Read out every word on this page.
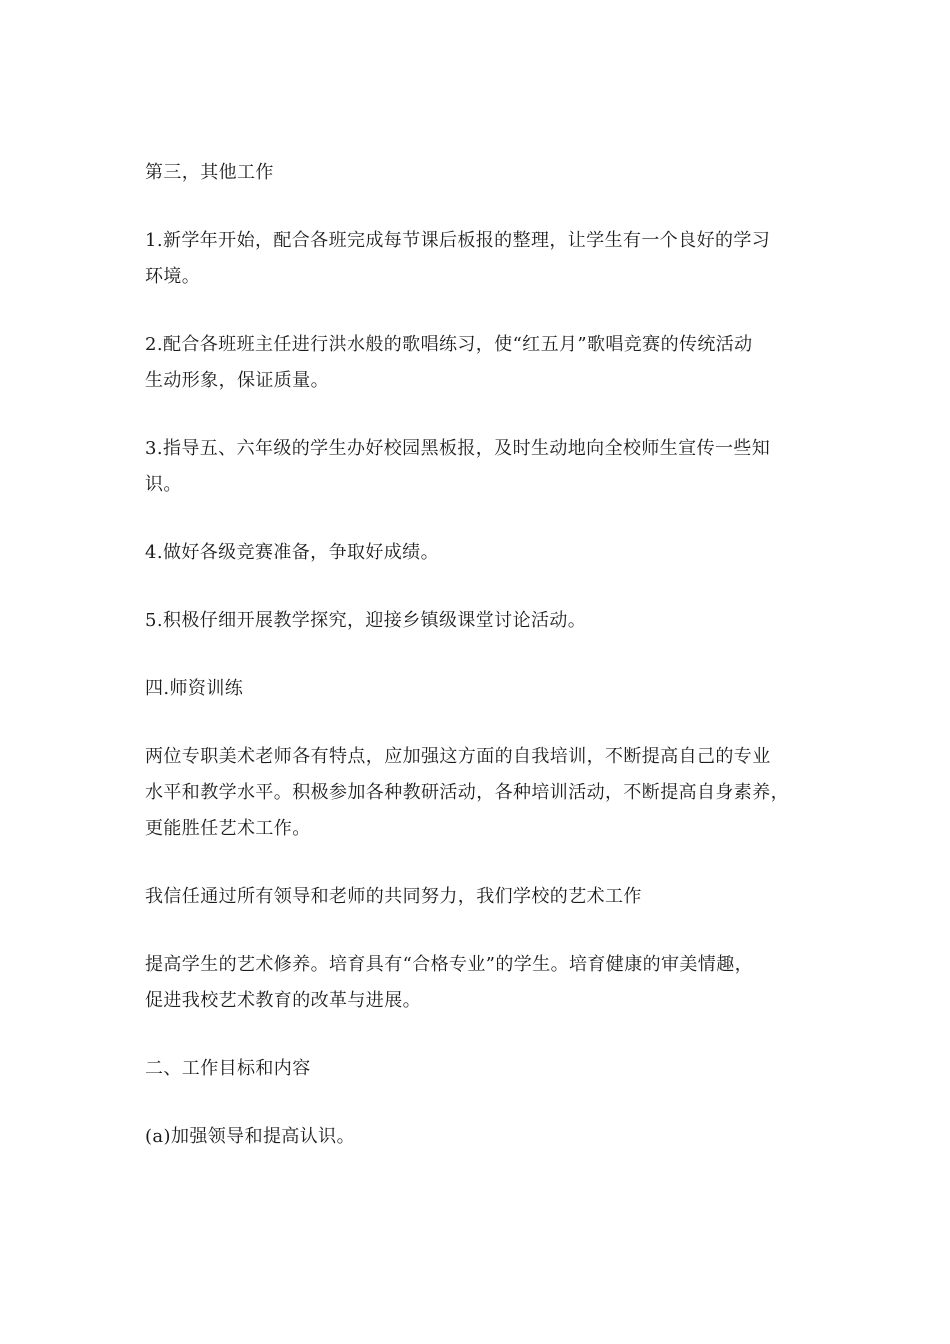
第三，其他工作

1.新学年开始，配合各班完成每节课后板报的整理，让学生有一个良好的学习
环境。

2.配合各班班主任进行洪水般的歌唱练习，使“红五月”歌唱竞赛的传统活动
生动形象，保证质量。

3.指导五、六年级的学生办好校园黑板报，及时生动地向全校师生宣传一些知
识。

4.做好各级竞赛准备，争取好成绩。

5.积极仔细开展教学探究，迎接乡镇级课堂讨论活动。

四.师资训练

两位专职美术老师各有特点，应加强这方面的自我培训，不断提高自己的专业
水平和教学水平。积极参加各种教研活动，各种培训活动，不断提高自身素养，
更能胜任艺术工作。

我信任通过所有领导和老师的共同努力，我们学校的艺术工作

提高学生的艺术修养。培育具有“合格专业”的学生。培育健康的审美情趣，
促进我校艺术教育的改革与进展。

二、工作目标和内容

(a)加强领导和提高认识。
